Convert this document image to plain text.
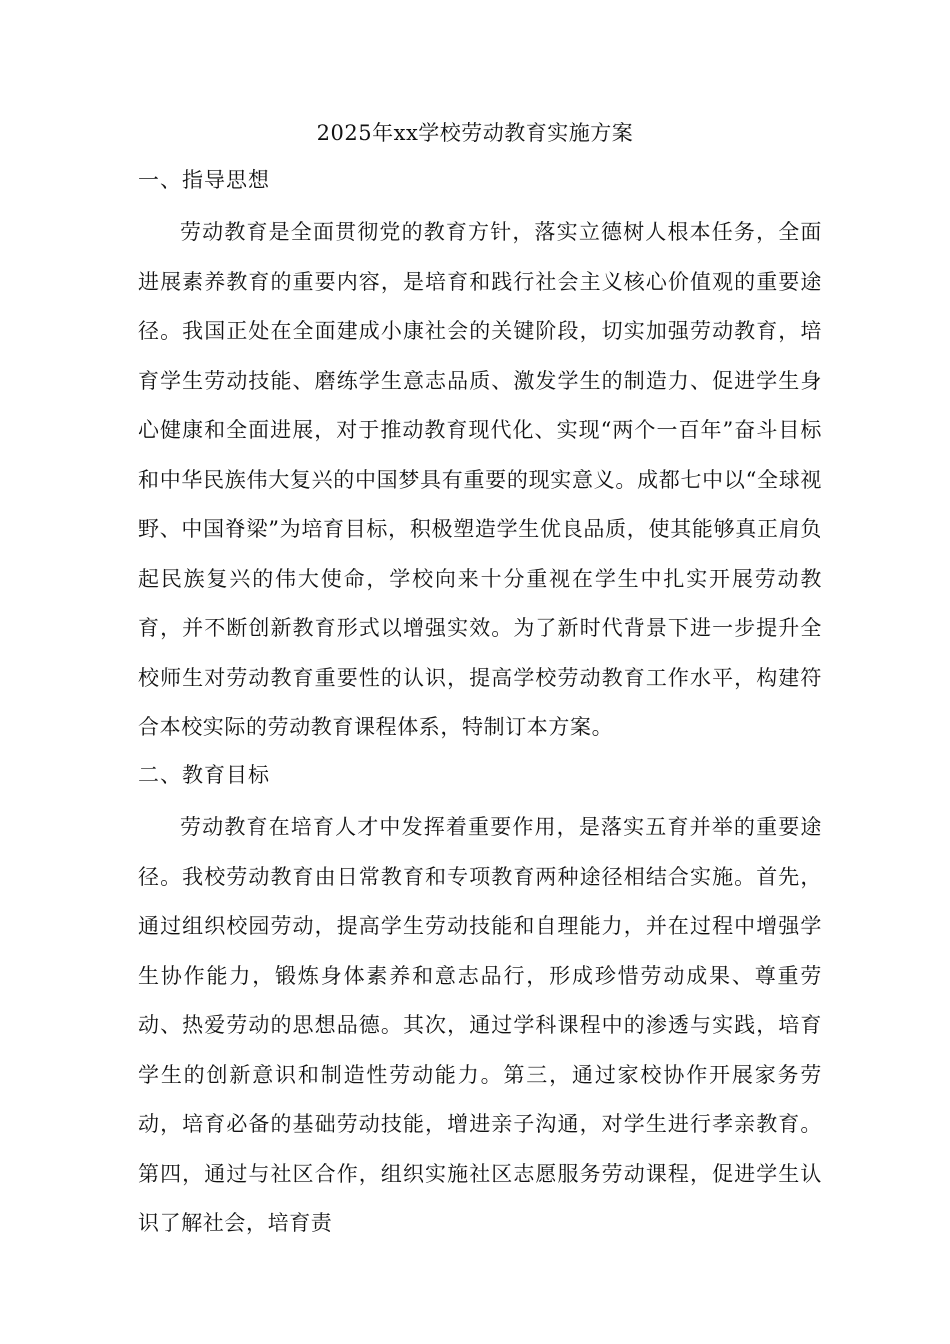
2025年xx学校劳动教育实施方案
一、指导思想

劳动教育是全面贯彻党的教育方针，落实立德树人根本任务，全面进展素养教育的重要内容，是培育和践行社会主义核心价值观的重要途径。我国正处在全面建成小康社会的关键阶段，切实加强劳动教育，培育学生劳动技能、磨练学生意志品质、激发学生的制造力、促进学生身心健康和全面进展，对于推动教育现代化、实现“两个一百年”奋斗目标和中华民族伟大复兴的中国梦具有重要的现实意义。成都七中以“全球视野、中国脊梁”为培育目标，积极塑造学生优良品质，使其能够真正肩负起民族复兴的伟大使命，学校向来十分重视在学生中扎实开展劳动教育，并不断创新教育形式以增强实效。为了新时代背景下进一步提升全校师生对劳动教育重要性的认识，提高学校劳动教育工作水平，构建符合本校实际的劳动教育课程体系，特制订本方案。

二、教育目标

劳动教育在培育人才中发挥着重要作用，是落实五育并举的重要途径。我校劳动教育由日常教育和专项教育两种途径相结合实施。首先，通过组织校园劳动，提高学生劳动技能和自理能力，并在过程中增强学生协作能力，锻炼身体素养和意志品行，形成珍惜劳动成果、尊重劳动、热爱劳动的思想品德。其次，通过学科课程中的渗透与实践，培育学生的创新意识和制造性劳动能力。第三，通过家校协作开展家务劳动，培育必备的基础劳动技能，增进亲子沟通，对学生进行孝亲教育。第四，通过与社区合作，组织实施社区志愿服务劳动课程，促进学生认识了解社会，培育责
